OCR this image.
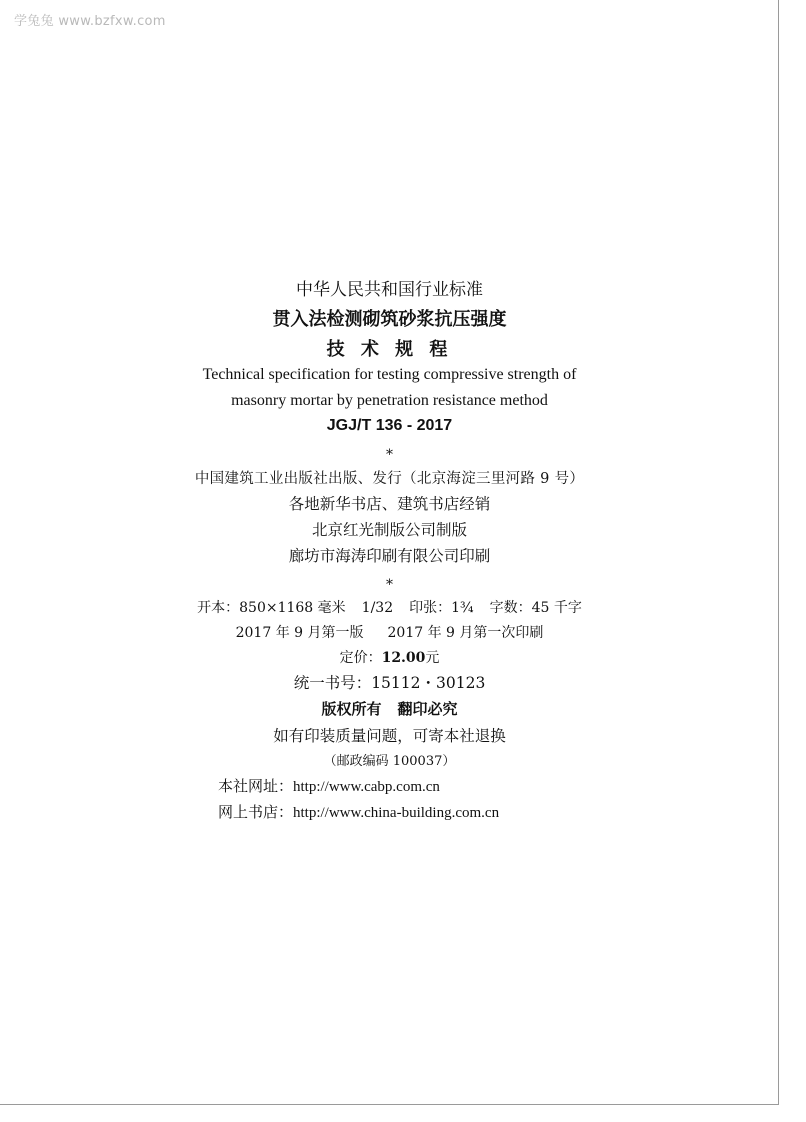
学兔兔 www.bzfxw.com
中华人民共和国行业标准
贯入法检测砌筑砂浆抗压强度
技 术 规 程
Technical specification for testing compressive strength of
masonry mortar by penetration resistance method
JGJ/T 136 - 2017
*
中国建筑工业出版社出版、发行（北京海淀三里河路 9 号）
各地新华书店、建筑书店经销
北京红光制版公司制版
廊坊市海涛印刷有限公司印刷
*
开本：850×1168 毫米 1/32 印张：1¾ 字数：45 千字
2017 年 9 月第一版 2017 年 9 月第一次印刷
定价：12.00元
统一书号：15112・30123
版权所有 翻印必究
如有印装质量问题，可寄本社退换
（邮政编码 100037）
本社网址：http://www.cabp.com.cn
网上书店：http://www.china-building.com.cn
